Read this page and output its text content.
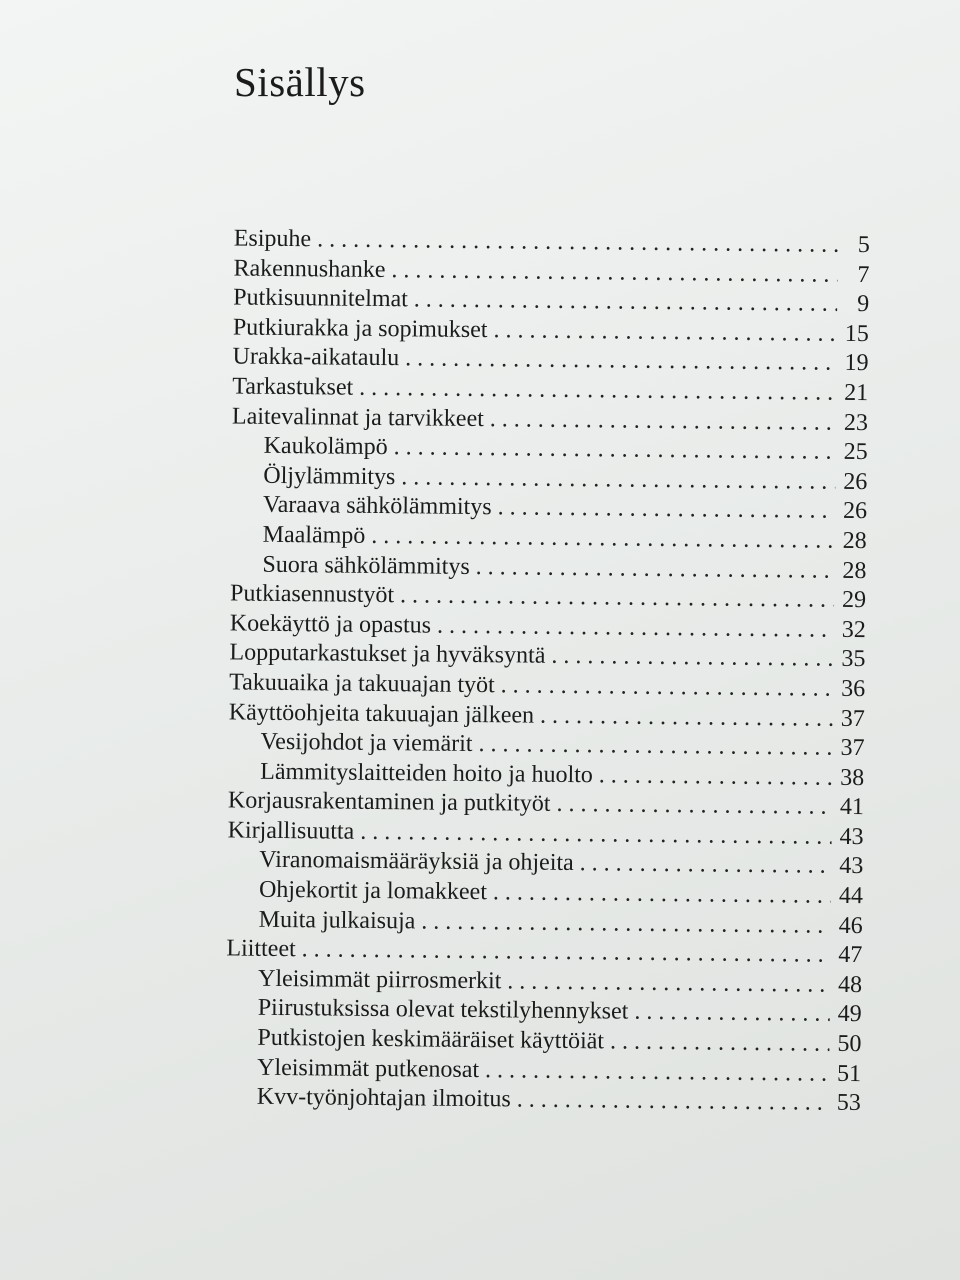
Sisällys
Esipuhe . . .	5
Rakennushanke . . .	7
Putkisuunnitelmat . . .	9
Putkiurakka ja sopimukset . . .	15
Urakka-aikataulu . . .	19
Tarkastukset . . .	21
Laitevalinnat ja tarvikkeet . . .	23
Kaukolämpö . . .	25
Öljylämmitys . . .	26
Varaava sähkölämmitys . . .	26
Maalämpö . . .	28
Suora sähkölämmitys . . .	28
Putkiasennustyöt . . .	29
Koekäyttö ja opastus . . .	32
Lopputarkastukset ja hyväksyntä . . .	35
Takuuaika ja takuuajan työt . . .	36
Käyttöohjeita takuuajan jälkeen . . .	37
Vesijohdot ja viemärit . . .	37
Lämmityslaitteiden hoito ja huolto . . .	38
Korjausrakentaminen ja putkityöt . . .	41
Kirjallisuutta . . .	43
Viranomaismääräyksiä ja ohjeita . . .	43
Ohjekortit ja lomakkeet . . .	44
Muita julkaisuja . . .	46
Liitteet . . .	47
Yleisimmät piirrosmerkit . . .	48
Piirustuksissa olevat tekstilyhennykset . . .	49
Putkistojen keskimääräiset käyttöiät . . .	50
Yleisimmät putkenosat . . .	51
Kvv-työnjohtajan ilmoitus . . .	53
